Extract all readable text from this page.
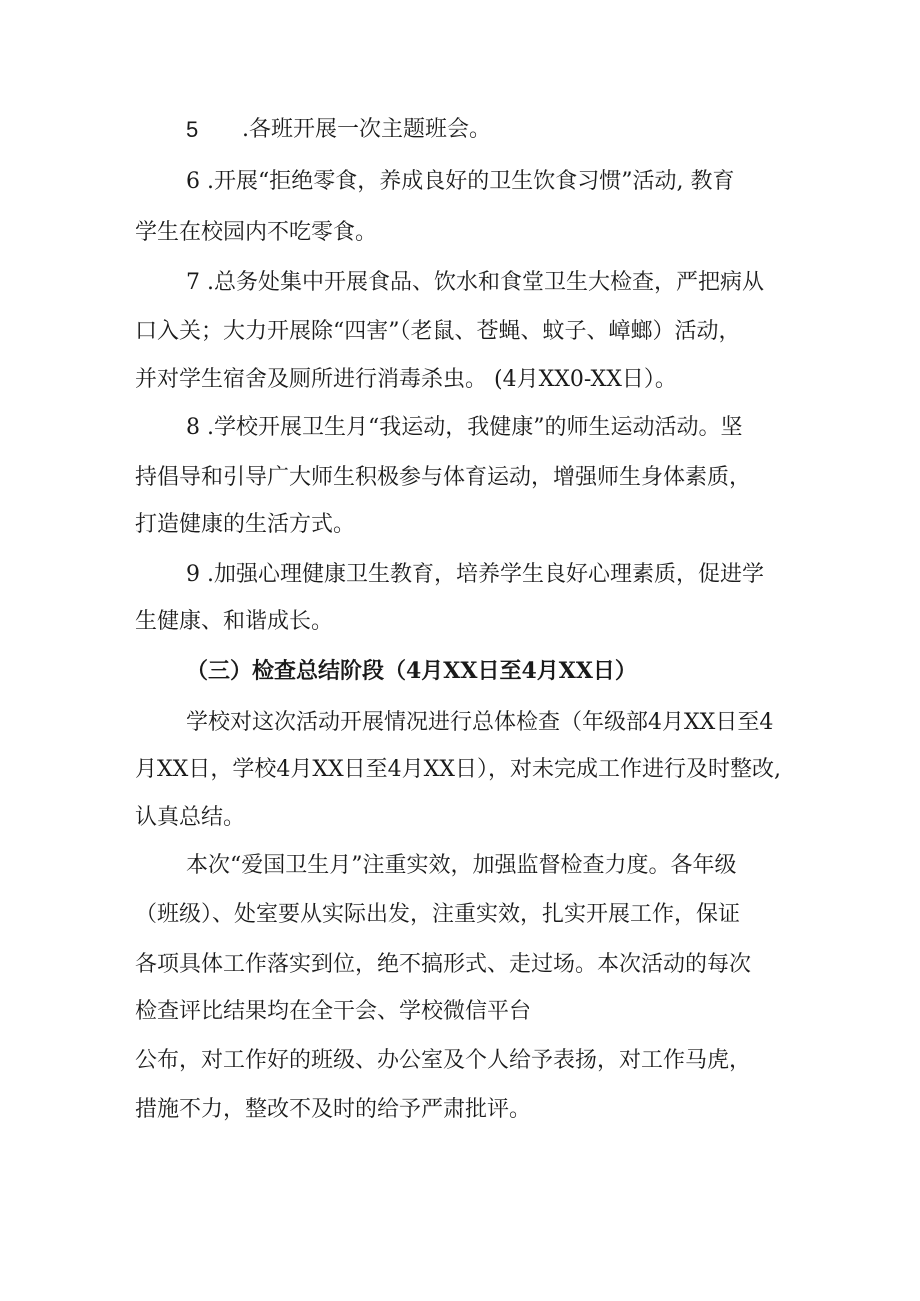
5 .各班开展一次主题班会。

6 .开展“拒绝零食，养成良好的卫生饮食习惯”活动, 教育

学生在校园内不吃零食。

7 .总务处集中开展食品、饮水和食堂卫生大检查，严把病从

口入关；大力开展除“四害”（老鼠、苍蝇、蚊子、嶂螂）活动，

并对学生宿舍及厕所进行消毒杀虫。 (4月XX0-XX日）。

8 .学校开展卫生月“我运动，我健康”的师生运动活动。坚

持倡导和引导广大师生积极参与体育运动，增强师生身体素质，

打造健康的生活方式。

9 .加强心理健康卫生教育，培养学生良好心理素质，促进学

生健康、和谐成长。

（三）检查总结阶段（4月XX日至4月XX日）

学校对这次活动开展情况进行总体检查（年级部4月XX日至4

月XX日，学校4月XX日至4月XX日），对未完成工作进行及时整改,

认真总结。

本次“爱国卫生月”注重实效，加强监督检查力度。各年级

（班级）、处室要从实际出发，注重实效，扎实开展工作，保证

各项具体工作落实到位，绝不搞形式、走过场。本次活动的每次

检查评比结果均在全干会、学校微信平台

公布，对工作好的班级、办公室及个人给予表扬，对工作马虎，

措施不力，整改不及时的给予严肃批评。
